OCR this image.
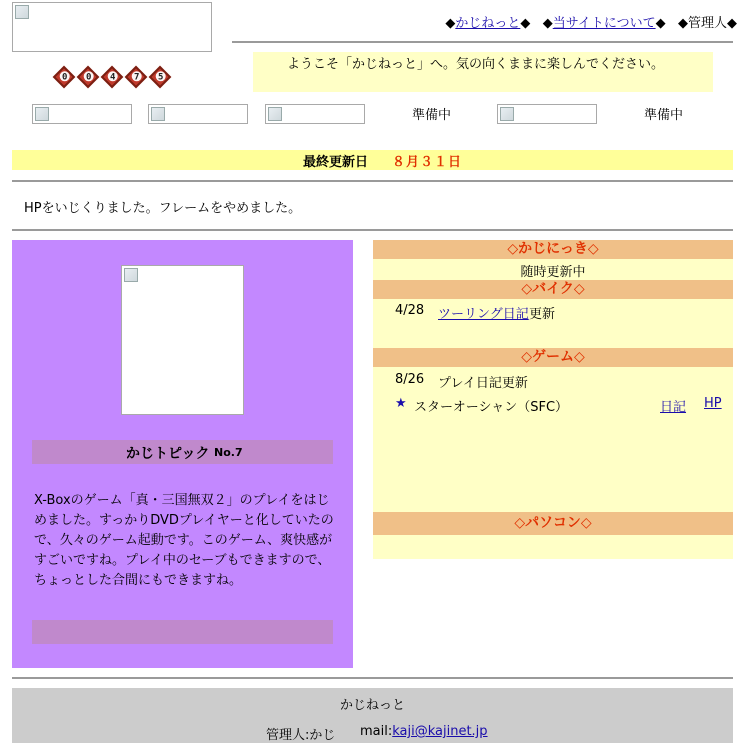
◆かじねっと◆ ◆当サイトについて◆ ◆管理人◆
ようこそ「かじねっと」へ。気の向くままに楽しんでください。
0	0	4	7	5
準備中	準備中
最終更新日 ８月３１日
HPをいじくりました。フレームをやめました。
かじトピック No.7
X-Boxのゲーム「真・三国無双２」のプレイをはじめました。すっかりDVDプレイヤーと化していたので、久々のゲーム起動です。このゲーム、爽快感がすごいですね。プレイ中のセーブもできますので、ちょっとした合間にもできますね。
◇かじにっき◇
随時更新中
◇バイク◇
4/28 ツーリング日記 更新
◇ゲーム◇
8/26 プレイ日記更新
★ スターオーシャン（SFC）	日記 HP
◇パソコン◇
かじねっと
管理人:かじ mail:kaji@kajinet.jp
